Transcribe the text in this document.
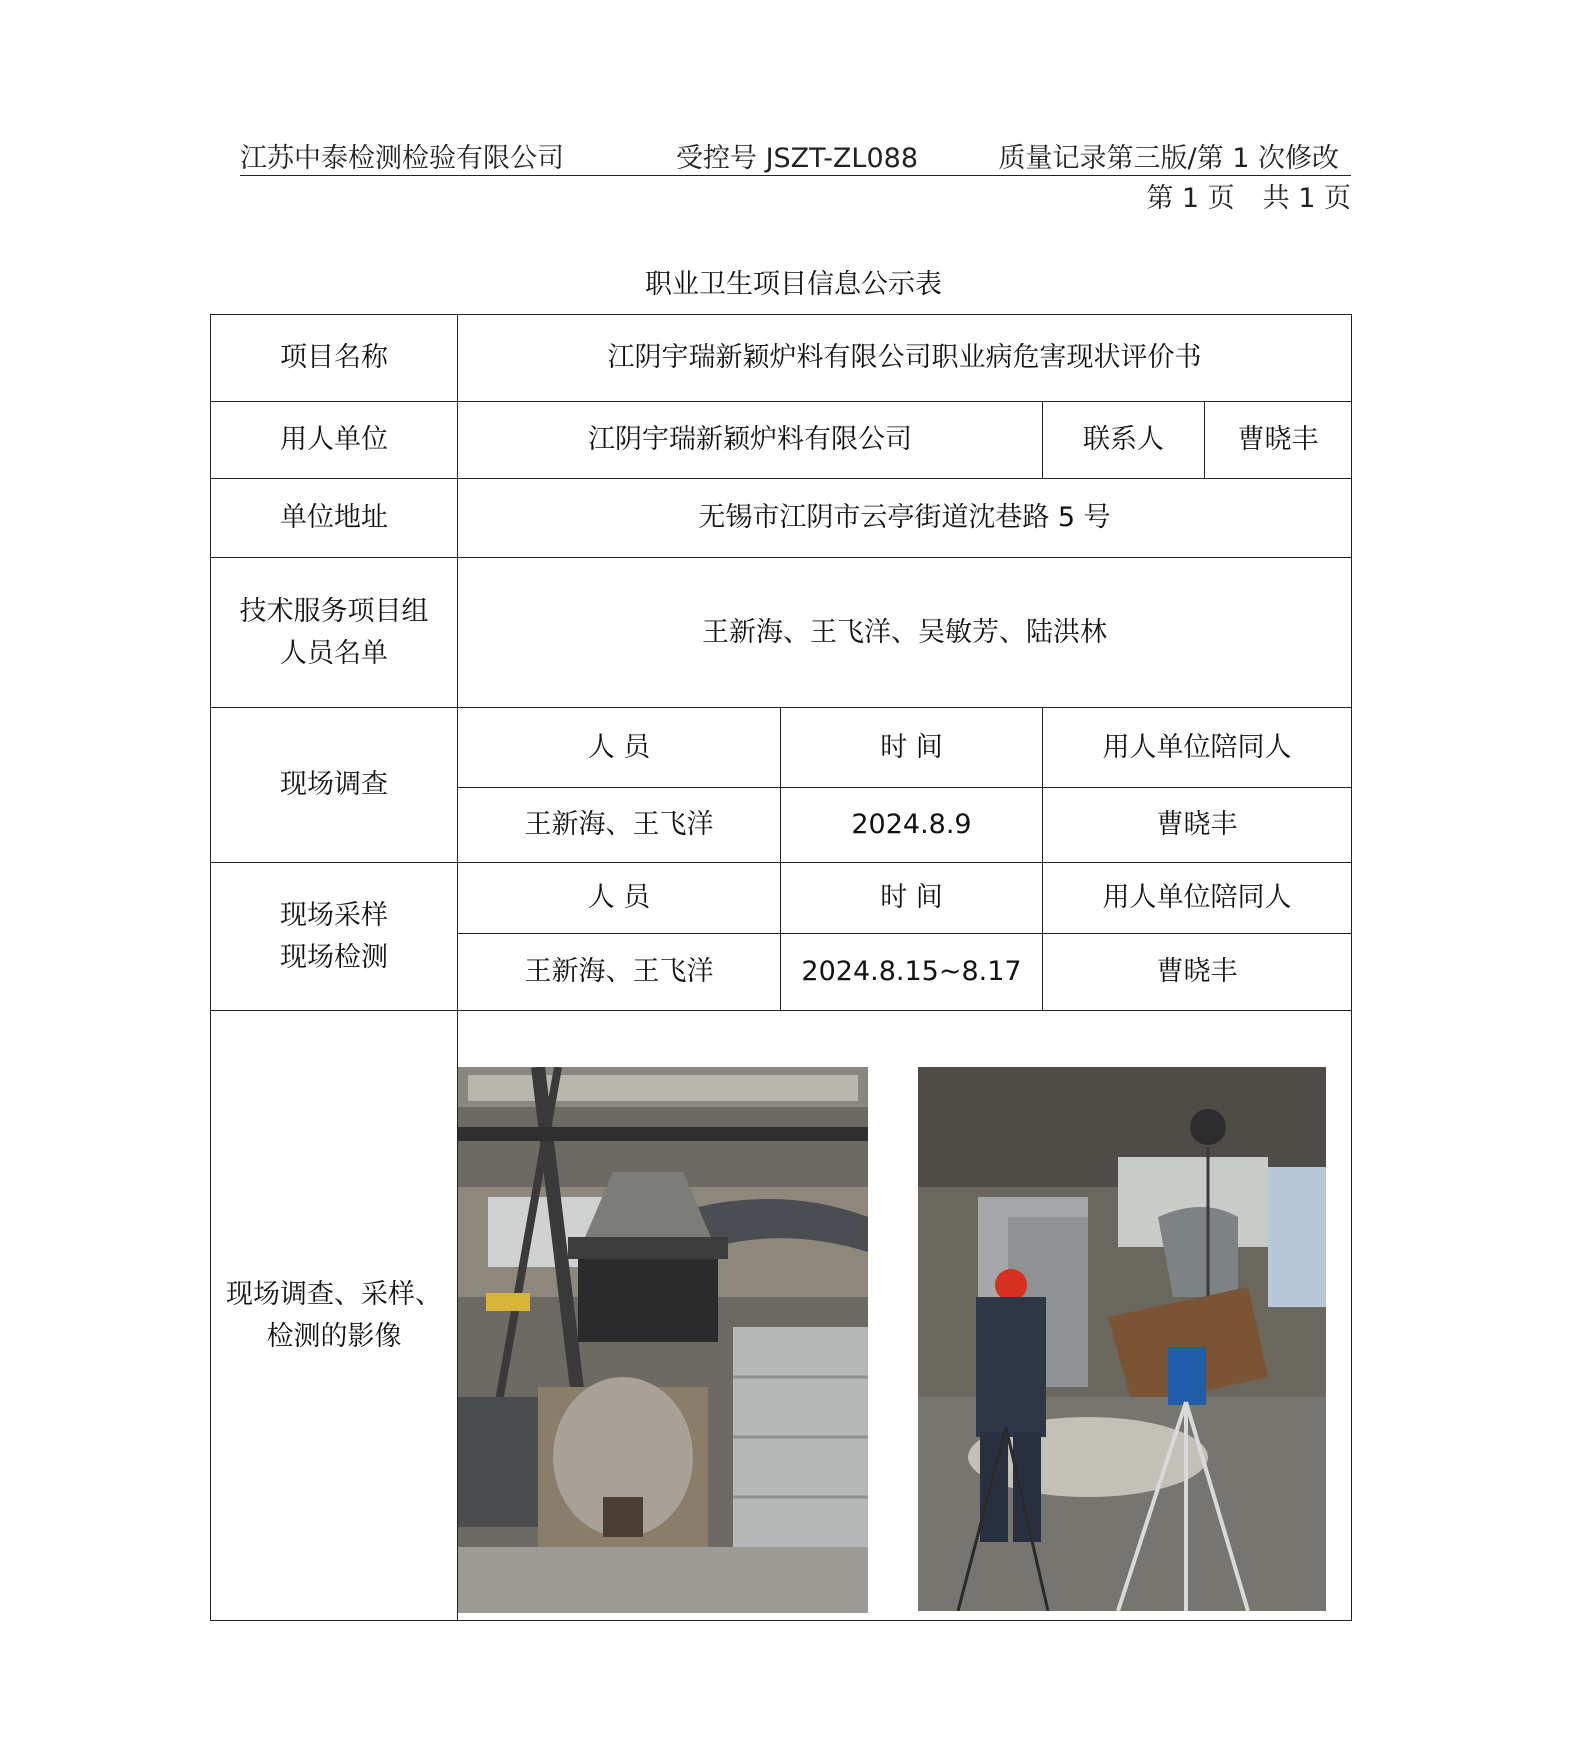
江苏中泰检测检验有限公司	受控号 JSZT-ZL088	质量记录第三版/第 1 次修改
第 1 页 共 1 页
职业卫生项目信息公示表
项目名称	江阴宇瑞新颖炉料有限公司职业病危害现状评价书			
用人单位	江阴宇瑞新颖炉料有限公司		联系人	曹晓丰
单位地址	无锡市江阴市云亭街道沈巷路 5 号			

技术服务项目组
人员名单	王新海、王飞洋、吴敏芳、陆洪林			
现场调查	人 员	时 间	用人单位陪同人	
	王新海、王飞洋	2024.8.9	曹晓丰	

现场采样
现场检测	人 员	时 间	用人单位陪同人	
	王新海、王飞洋	2024.8.15~8.17	曹晓丰	

现场调查、采样、
检测的影像
